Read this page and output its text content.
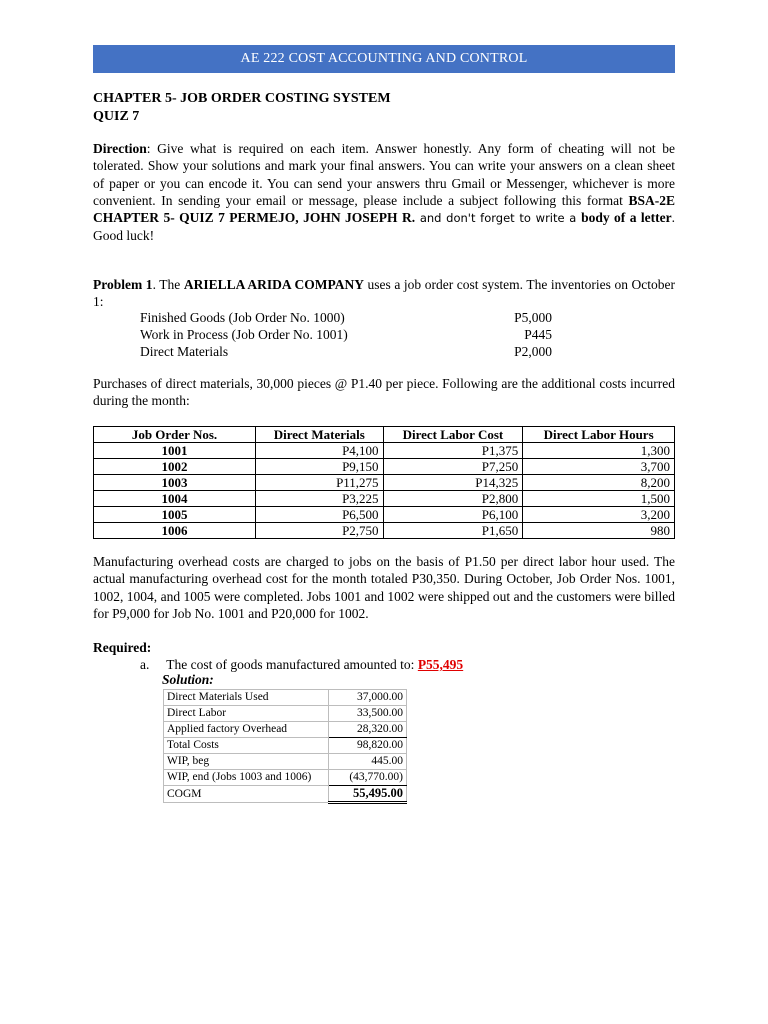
AE 222 COST ACCOUNTING AND CONTROL
CHAPTER 5- JOB ORDER COSTING SYSTEM
QUIZ 7
Direction: Give what is required on each item. Answer honestly. Any form of cheating will not be tolerated. Show your solutions and mark your final answers. You can write your answers on a clean sheet of paper or you can encode it. You can send your answers thru Gmail or Messenger, whichever is more convenient. In sending your email or message, please include a subject following this format BSA-2E CHAPTER 5- QUIZ 7 PERMEJO, JOHN JOSEPH R. and don't forget to write a body of a letter. Good luck!
Problem 1. The ARIELLA ARIDA COMPANY uses a job order cost system. The inventories on October 1:
Finished Goods (Job Order No. 1000)	P5,000
Work in Process (Job Order No. 1001)	P445
Direct Materials	P2,000
Purchases of direct materials, 30,000 pieces @ P1.40 per piece. Following are the additional costs incurred during the month:
Job Order Nos.	Direct Materials	Direct Labor Cost	Direct Labor Hours
1001	P4,100	P1,375	1,300
1002	P9,150	P7,250	3,700
1003	P11,275	P14,325	8,200
1004	P3,225	P2,800	1,500
1005	P6,500	P6,100	3,200
1006	P2,750	P1,650	980
Manufacturing overhead costs are charged to jobs on the basis of P1.50 per direct labor hour used. The actual manufacturing overhead cost for the month totaled P30,350. During October, Job Order Nos. 1001, 1002, 1004, and 1005 were completed. Jobs 1001 and 1002 were shipped out and the customers were billed for P9,000 for Job No. 1001 and P20,000 for 1002.
Required:
a. The cost of goods manufactured amounted to: P55,495
Solution:
Direct Materials Used	37,000.00
Direct Labor	33,500.00
Applied factory Overhead	28,320.00
Total Costs	98,820.00
WIP, beg	445.00
WIP, end (Jobs 1003 and 1006)	(43,770.00)
COGM	55,495.00
